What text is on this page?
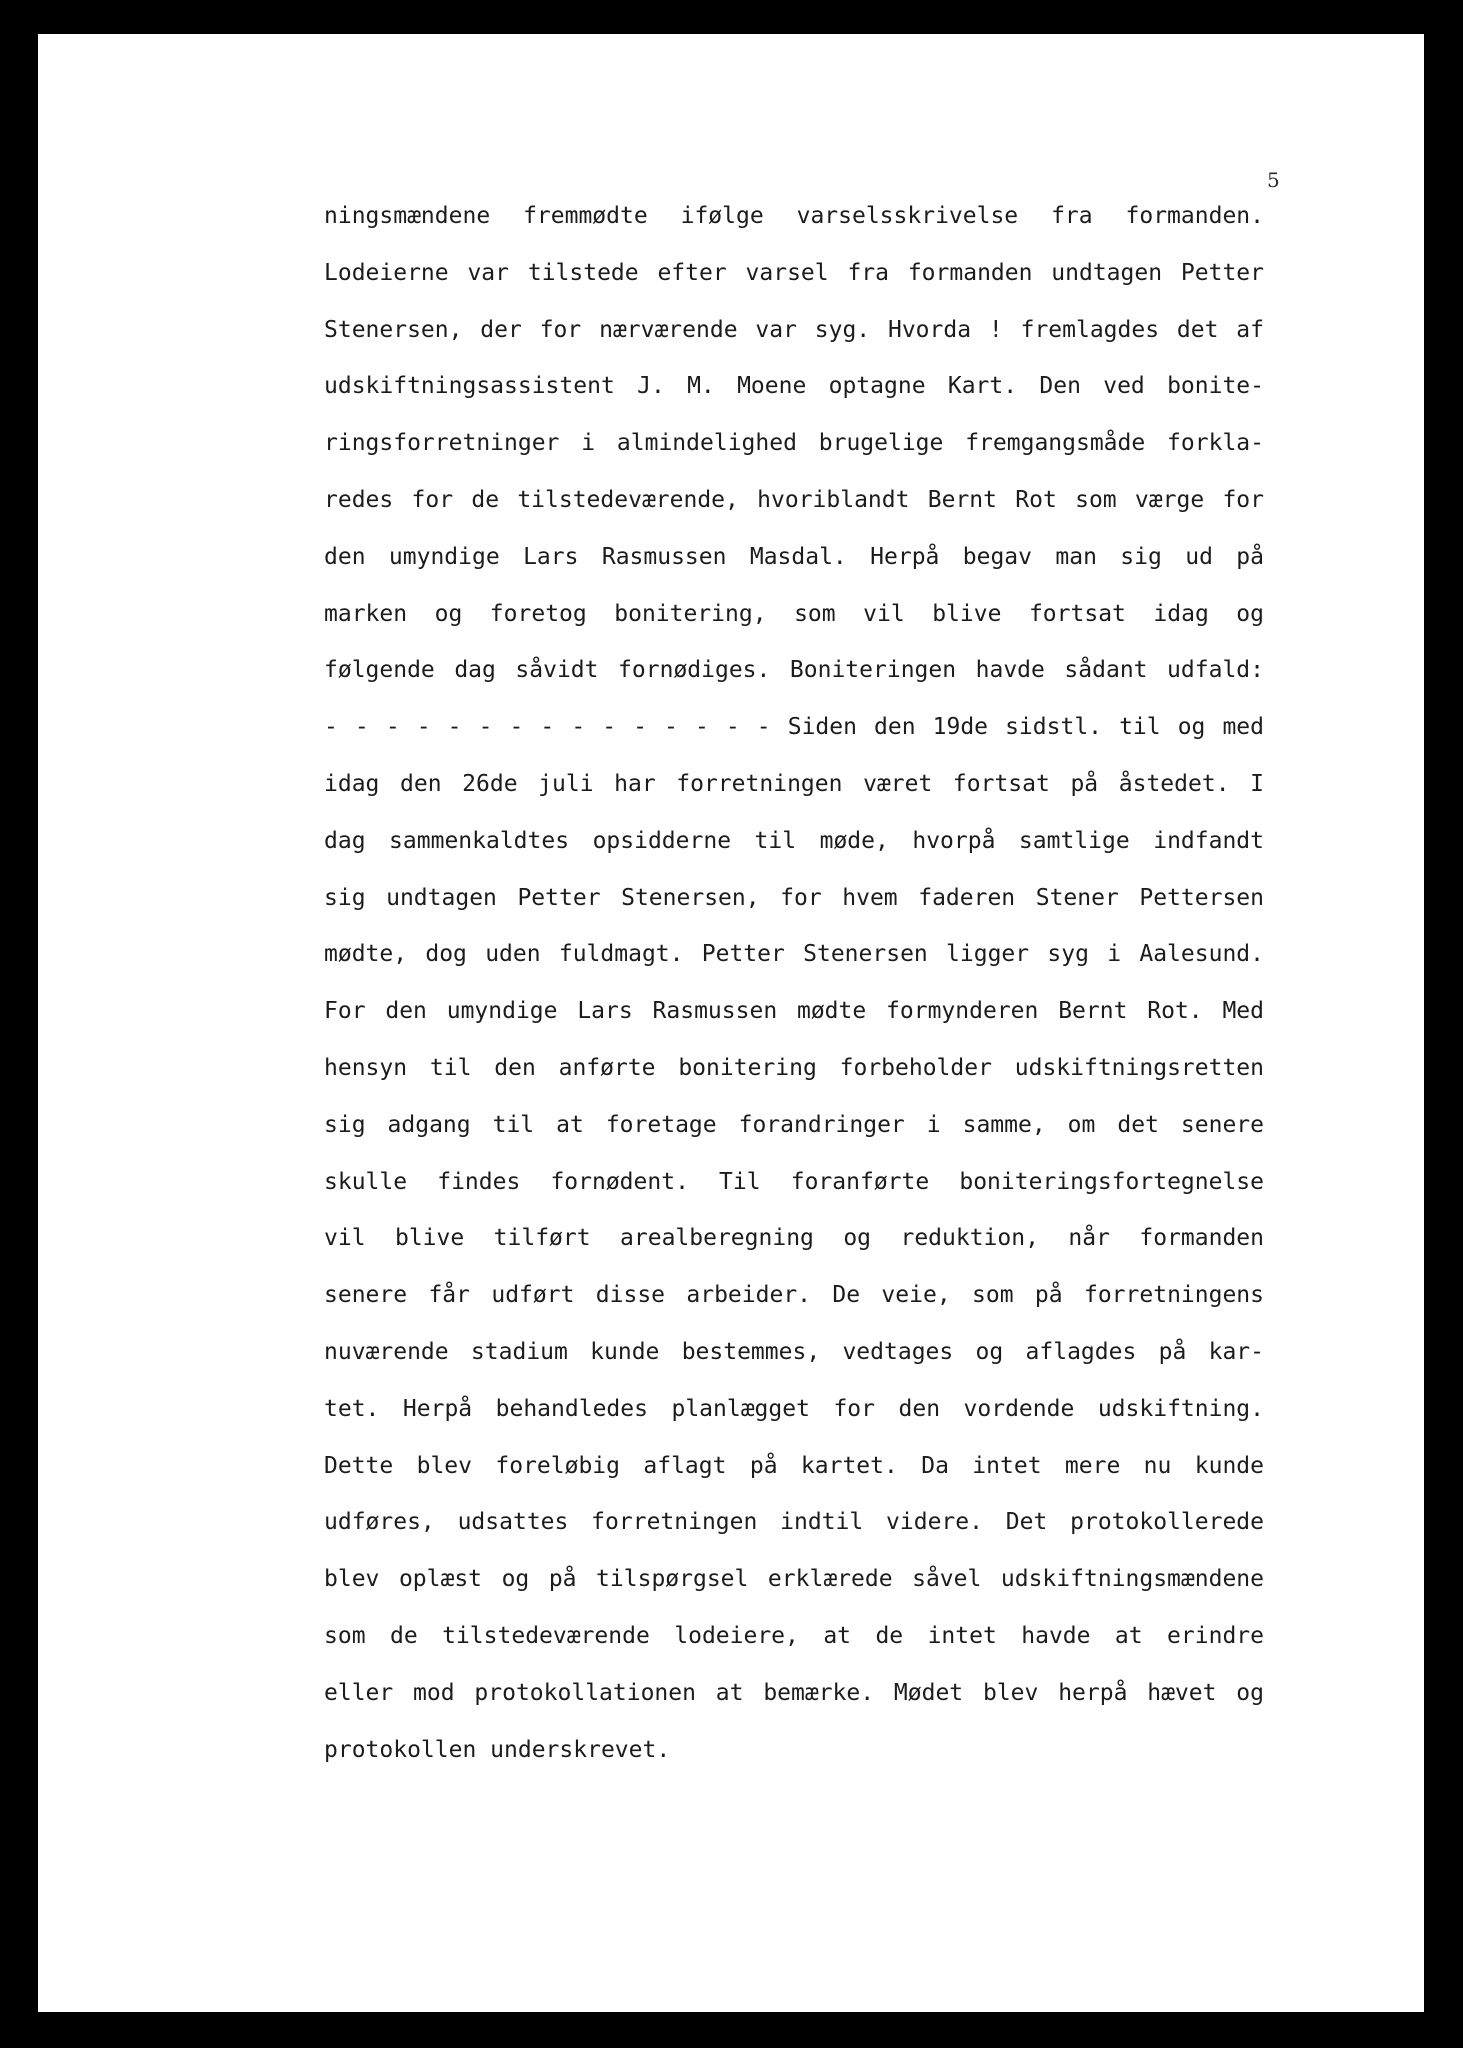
5
ningsmændene fremmødte ifølge varselsskrivelse fra formanden.
Lodeierne var tilstede efter varsel fra formanden undtagen Petter
Stenersen, der for nærværende var syg. Hvorda ! fremlagdes det af
udskiftningsassistent J. M. Moene optagne Kart. Den ved bonite-
ringsforretninger i almindelighed brugelige fremgangsmåde forkla-
redes for de tilstedeværende, hvoriblandt Bernt Rot som værge for
den umyndige Lars Rasmussen Masdal. Herpå begav man sig ud på
marken og foretog bonitering, som vil blive fortsat idag og
følgende dag såvidt fornødiges. Boniteringen havde sådant udfald:
- - - - - - - - - - - - - - - Siden den 19de sidstl. til og med
idag den 26de juli har forretningen været fortsat på åstedet. I
dag sammenkaldtes opsidderne til møde, hvorpå samtlige indfandt
sig undtagen Petter Stenersen, for hvem faderen Stener Pettersen
mødte, dog uden fuldmagt. Petter Stenersen ligger syg i Aalesund.
For den umyndige Lars Rasmussen mødte formynderen Bernt Rot. Med
hensyn til den anførte bonitering forbeholder udskiftningsretten
sig adgang til at foretage forandringer i samme, om det senere
skulle findes fornødent. Til foranførte boniteringsfortegnelse
vil blive tilført arealberegning og reduktion, når formanden
senere får udført disse arbeider. De veie, som på forretningens
nuværende stadium kunde bestemmes, vedtages og aflagdes på kar-
tet. Herpå behandledes planlægget for den vordende udskiftning.
Dette blev foreløbig aflagt på kartet. Da intet mere nu kunde
udføres, udsattes forretningen indtil videre. Det protokollerede
blev oplæst og på tilspørgsel erklærede såvel udskiftningsmændene
som de tilstedeværende lodeiere, at de intet havde at erindre
eller mod protokollationen at bemærke. Mødet blev herpå hævet og
protokollen underskrevet.
